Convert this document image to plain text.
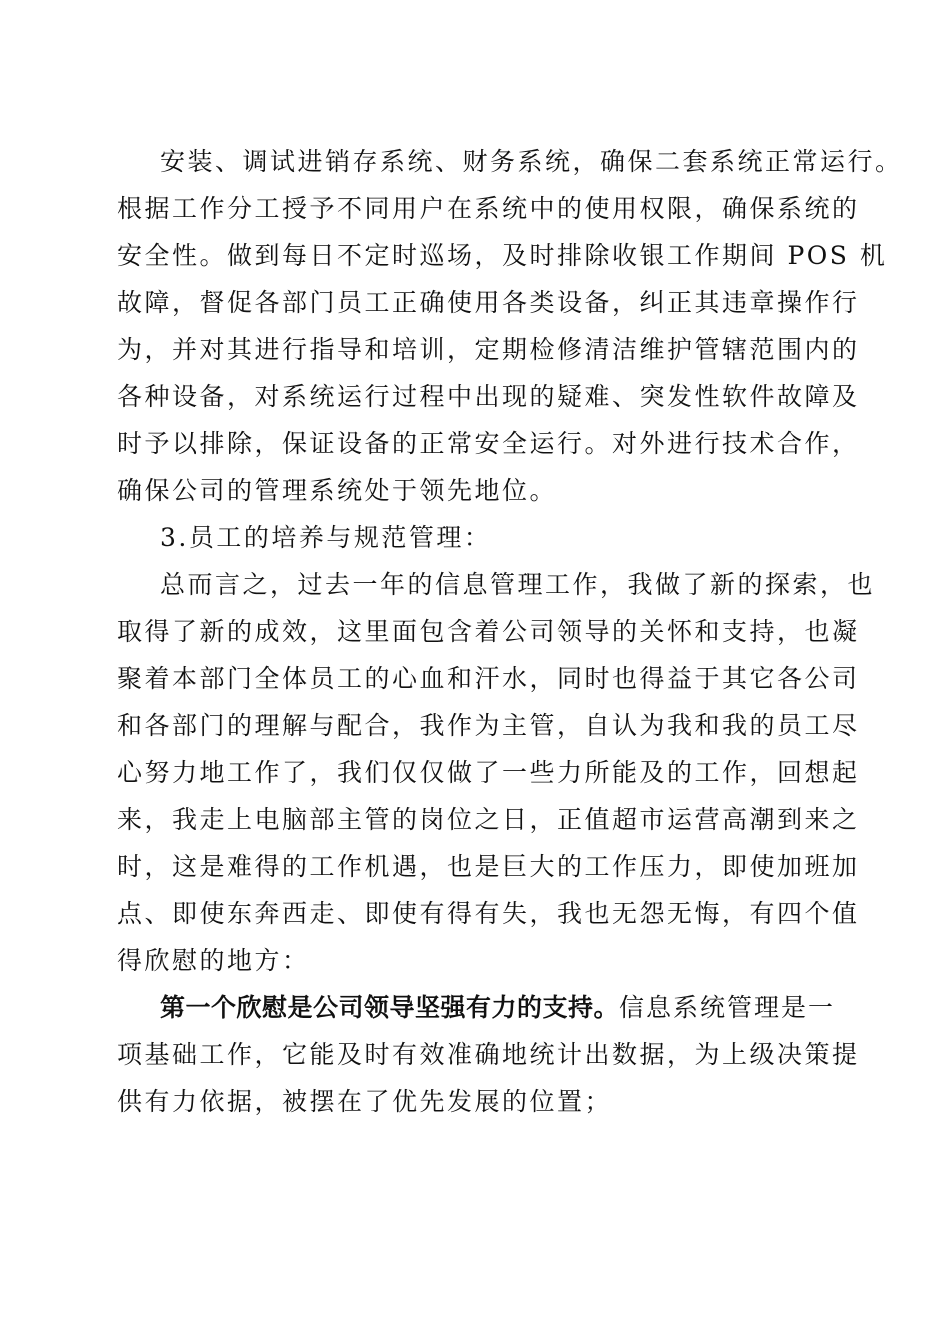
安装、调试进销存系统、财务系统，确保二套系统正常运行。
根据工作分工授予不同用户在系统中的使用权限，确保系统的
安全性。做到每日不定时巡场，及时排除收银工作期间 POS 机
故障，督促各部门员工正确使用各类设备，纠正其违章操作行
为，并对其进行指导和培训，定期检修清洁维护管辖范围内的
各种设备，对系统运行过程中出现的疑难、突发性软件故障及
时予以排除，保证设备的正常安全运行。对外进行技术合作，
确保公司的管理系统处于领先地位。
3.员工的培养与规范管理：
总而言之，过去一年的信息管理工作，我做了新的探索，也
取得了新的成效，这里面包含着公司领导的关怀和支持，也凝
聚着本部门全体员工的心血和汗水，同时也得益于其它各公司
和各部门的理解与配合，我作为主管，自认为我和我的员工尽
心努力地工作了，我们仅仅做了一些力所能及的工作，回想起
来，我走上电脑部主管的岗位之日，正值超市运营高潮到来之
时，这是难得的工作机遇，也是巨大的工作压力，即使加班加
点、即使东奔西走、即使有得有失，我也无怨无悔，有四个值
得欣慰的地方：
第一个欣慰是公司领导坚强有力的支持。信息系统管理是一
项基础工作，它能及时有效准确地统计出数据，为上级决策提
供有力依据，被摆在了优先发展的位置；
